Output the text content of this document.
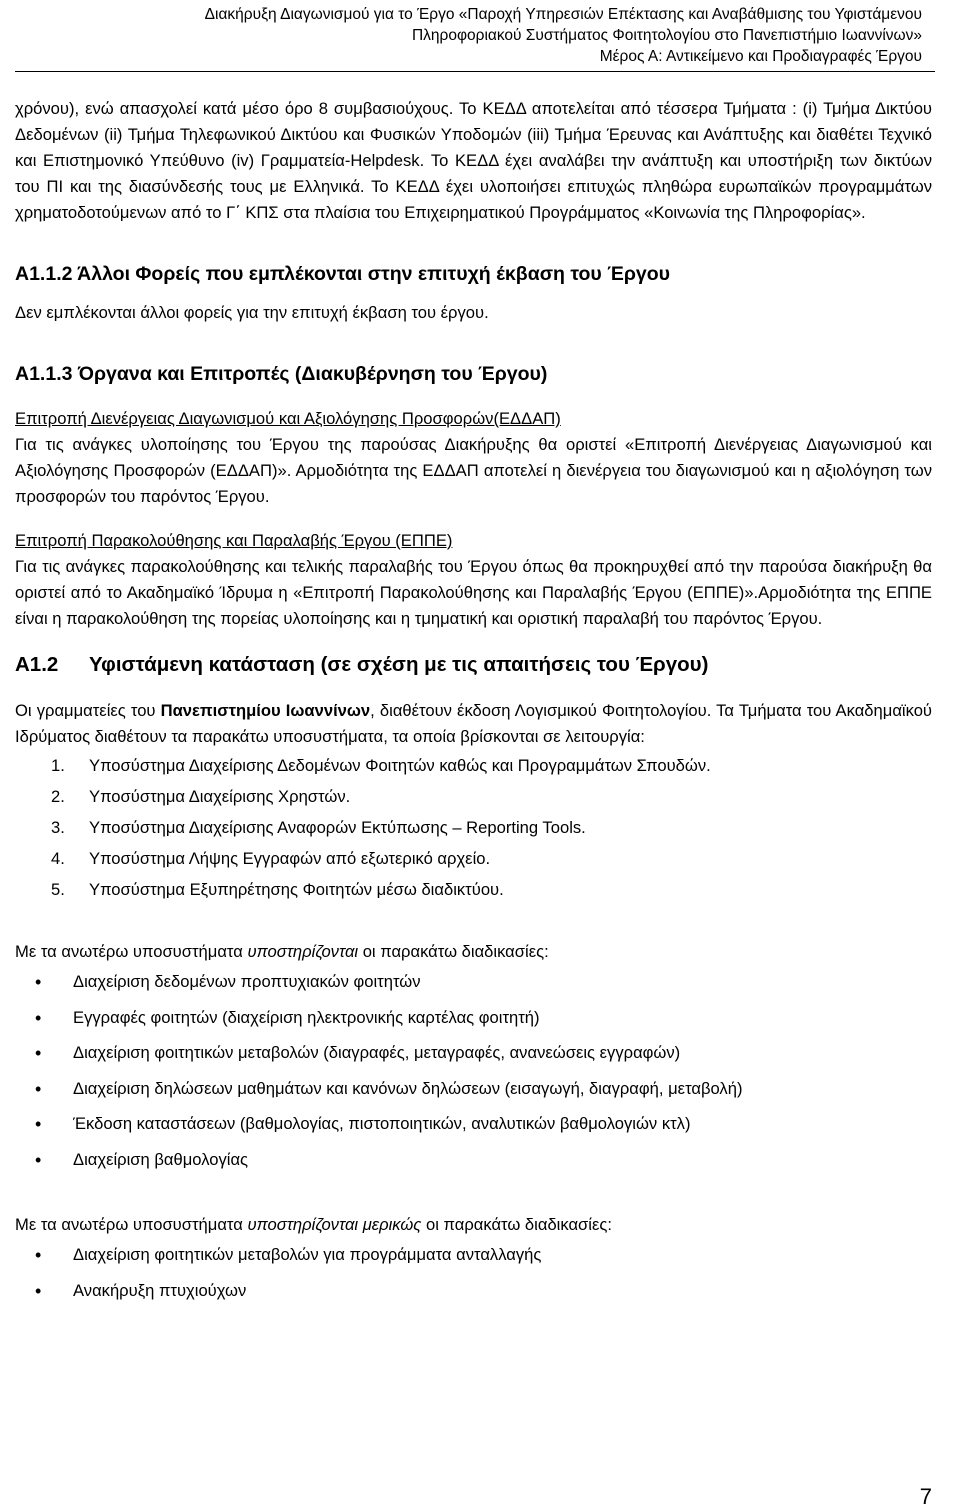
Διακήρυξη Διαγωνισμού για το Έργο «Παροχή Υπηρεσιών Επέκτασης και Αναβάθμισης του Υφιστάμενου
Πληροφοριακού Συστήματος Φοιτητολογίου στο Πανεπιστήμιο Ιωαννίνων»
Μέρος Α: Αντικείμενο και Προδιαγραφές Έργου
χρόνου), ενώ απασχολεί κατά μέσο όρο 8 συμβασιούχους. Το ΚΕΔΔ αποτελείται από τέσσερα Τμήματα : (i) Τμήμα Δικτύου Δεδομένων (ii) Τμήμα Τηλεφωνικού Δικτύου και Φυσικών Υποδομών (iii) Τμήμα Έρευνας και Ανάπτυξης και διαθέτει Τεχνικό και Επιστημονικό Υπεύθυνο (iv) Γραμματεία-Helpdesk. Το ΚΕΔΔ έχει αναλάβει την ανάπτυξη και υποστήριξη των δικτύων του ΠΙ και της διασύνδεσής τους με Ελληνικά. Το ΚΕΔΔ έχει υλοποιήσει επιτυχώς πληθώρα ευρωπαϊκών προγραμμάτων χρηματοδοτούμενων από το Γ΄ ΚΠΣ στα πλαίσια του Επιχειρηματικού Προγράμματος «Κοινωνία της Πληροφορίας».
Α1.1.2 Άλλοι Φορείς που εμπλέκονται στην επιτυχή έκβαση του Έργου
Δεν εμπλέκονται άλλοι φορείς για την επιτυχή έκβαση του έργου.
Α1.1.3 Όργανα και Επιτροπές (Διακυβέρνηση του Έργου)
Επιτροπή Διενέργειας Διαγωνισμού και Αξιολόγησης Προσφορών(ΕΔΔΑΠ)
Για τις ανάγκες υλοποίησης του Έργου της παρούσας Διακήρυξης θα οριστεί «Επιτροπή Διενέργειας Διαγωνισμού και Αξιολόγησης Προσφορών (ΕΔΔΑΠ)». Αρμοδιότητα της ΕΔΔΑΠ αποτελεί η διενέργεια του διαγωνισμού και η αξιολόγηση των προσφορών του παρόντος Έργου.
Επιτροπή Παρακολούθησης και Παραλαβής Έργου (ΕΠΠΕ)
Για τις ανάγκες παρακολούθησης και τελικής παραλαβής του Έργου όπως θα προκηρυχθεί από την παρούσα διακήρυξη θα οριστεί από το Ακαδημαϊκό Ίδρυμα η «Επιτροπή Παρακολούθησης και Παραλαβής Έργου (ΕΠΠΕ)».Αρμοδιότητα της ΕΠΠΕ είναι η παρακολούθηση της πορείας υλοποίησης και η τμηματική και οριστική παραλαβή του παρόντος Έργου.
Α1.2 Υφιστάμενη κατάσταση (σε σχέση με τις απαιτήσεις του Έργου)
Οι γραμματείες του Πανεπιστημίου Ιωαννίνων, διαθέτουν έκδοση Λογισμικού Φοιτητολογίου. Τα Τμήματα του Ακαδημαϊκού Ιδρύματος διαθέτουν τα παρακάτω υποσυστήματα, τα οποία βρίσκονται σε λειτουργία:
1.	Υποσύστημα Διαχείρισης Δεδομένων Φοιτητών καθώς και Προγραμμάτων Σπουδών.
2.	Υποσύστημα Διαχείρισης Χρηστών.
3.	Υποσύστημα Διαχείρισης Αναφορών Εκτύπωσης – Reporting Tools.
4.	Υποσύστημα Λήψης Εγγραφών από εξωτερικό αρχείο.
5.	Υποσύστημα Εξυπηρέτησης Φοιτητών μέσω διαδικτύου.
Με τα ανωτέρω υποσυστήματα υποστηρίζονται οι παρακάτω διαδικασίες:
•
Διαχείριση δεδομένων προπτυχιακών φοιτητών
•
Εγγραφές φοιτητών (διαχείριση ηλεκτρονικής καρτέλας φοιτητή)
•
Διαχείριση φοιτητικών μεταβολών (διαγραφές, μεταγραφές, ανανεώσεις εγγραφών)
•
Διαχείριση δηλώσεων μαθημάτων και κανόνων δηλώσεων (εισαγωγή, διαγραφή, μεταβολή)
•
Έκδοση καταστάσεων (βαθμολογίας, πιστοποιητικών, αναλυτικών βαθμολογιών κτλ)
•
Διαχείριση βαθμολογίας
Με τα ανωτέρω υποσυστήματα υποστηρίζονται μερικώς οι παρακάτω διαδικασίες:
•
Διαχείριση φοιτητικών μεταβολών για προγράμματα ανταλλαγής
•
Ανακήρυξη πτυχιούχων
7
